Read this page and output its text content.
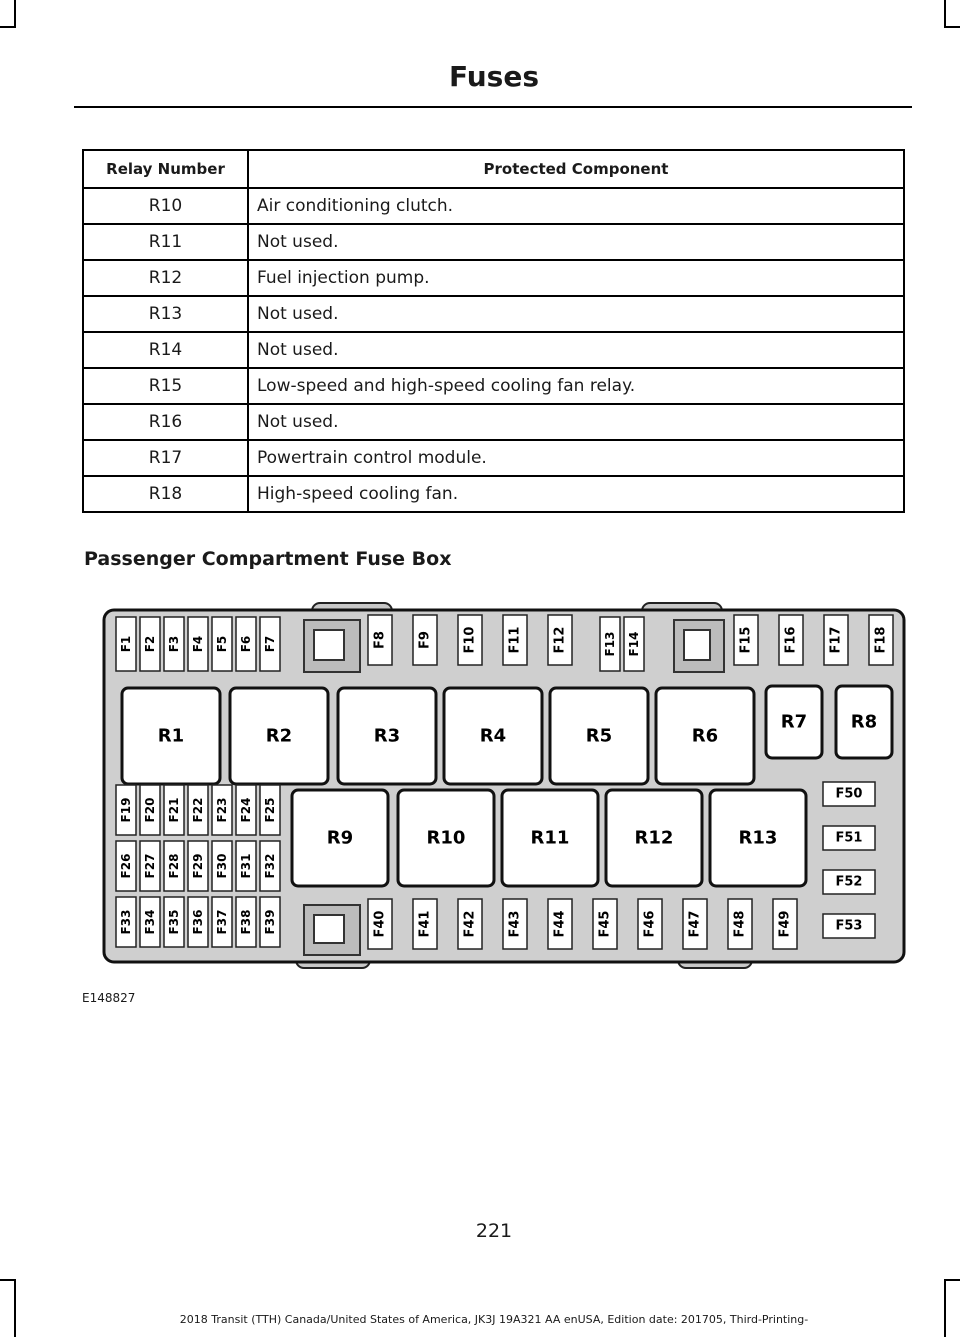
Fuses
Relay Number	Protected Component
R10	Air conditioning clutch.
R11	Not used.
R12	Fuel injection pump.
R13	Not used.
R14	Not used.
R15	Low-speed and high-speed cooling fan relay.
R16	Not used.
R17	Powertrain control module.
R18	High-speed cooling fan.
Passenger Compartment Fuse Box
F1 F2 F3 F4 F5 F6 F7	F8 F9 F10 F11 F12	F13 F14	F15 F16 F17 F18
R1	R2	R3	R4	R5	R6
R7 R8
R9	R10	R11	R12	R13
F19 F20 F21 F22 F23 F24 F25
F26 F27 F28 F29 F30 F31 F32
F33 F34 F35 F36 F37 F38 F39	F40 F41 F42 F43 F44 F45 F46 F47 F48 F49
F50
F51
F52
F53
E148827
221
2018 Transit (TTH) Canada/United States of America, JK3J 19A321 AA enUSA, Edition date: 201705, Third-Printing-
